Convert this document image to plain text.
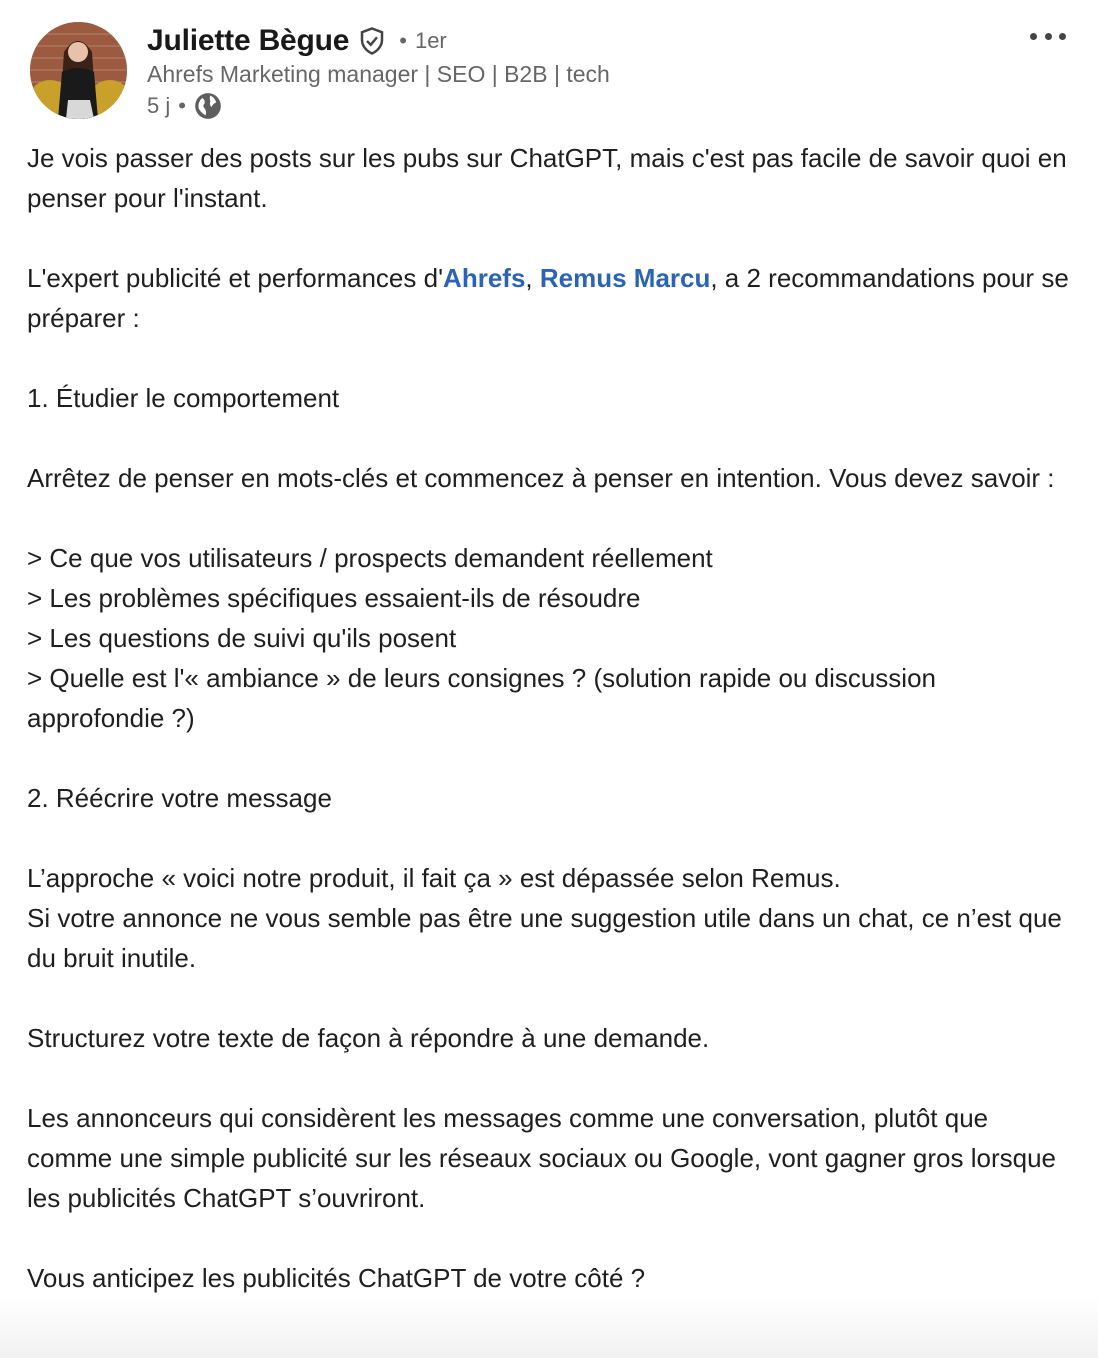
Juliette Bègue • 1er
Ahrefs Marketing manager | SEO | B2B | tech
5 j •

Je vois passer des posts sur les pubs sur ChatGPT, mais c'est pas facile de savoir quoi en penser pour l'instant.

L'expert publicité et performances d'Ahrefs, Remus Marcu, a 2 recommandations pour se préparer :

1. Étudier le comportement

Arrêtez de penser en mots-clés et commencez à penser en intention. Vous devez savoir :

> Ce que vos utilisateurs / prospects demandent réellement

> Les problèmes spécifiques essaient-ils de résoudre

> Les questions de suivi qu'ils posent

> Quelle est l'« ambiance » de leurs consignes ? (solution rapide ou discussion approfondie ?)

2. Réécrire votre message

L’approche « voici notre produit, il fait ça » est dépassée selon Remus.

Si votre annonce ne vous semble pas être une suggestion utile dans un chat, ce n’est que du bruit inutile.

Structurez votre texte de façon à répondre à une demande.

Les annonceurs qui considèrent les messages comme une conversation, plutôt que comme une simple publicité sur les réseaux sociaux ou Google, vont gagner gros lorsque les publicités ChatGPT s’ouvriront.

Vous anticipez les publicités ChatGPT de votre côté ?
